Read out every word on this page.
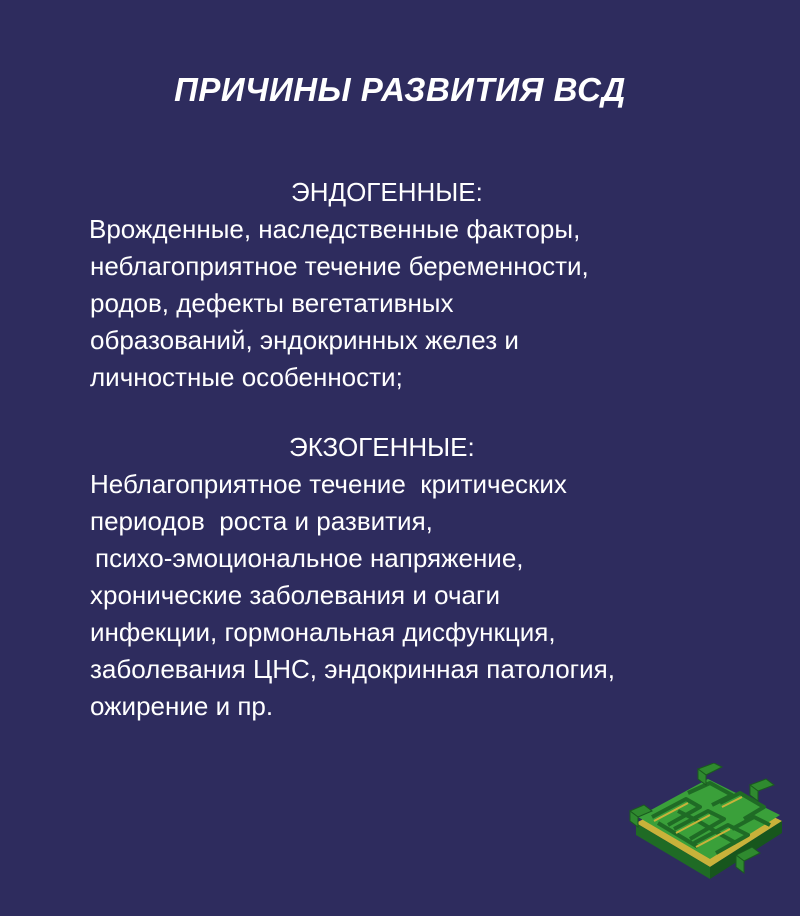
ПРИЧИНЫ РАЗВИТИЯ ВСД
ЭНДОГЕННЫЕ:
Врожденные, наследственные факторы,
неблагоприятное течение беременности,
родов, дефекты вегетативных
образований, эндокринных желез и
личностные особенности;
ЭКЗОГЕННЫЕ:
Неблагоприятное течение  критических
периодов  роста и развития,
психо-эмоциональное напряжение,
хронические заболевания и очаги
инфекции, гормональная дисфункция,
заболевания ЦНС, эндокринная патология,
ожирение и пр.
